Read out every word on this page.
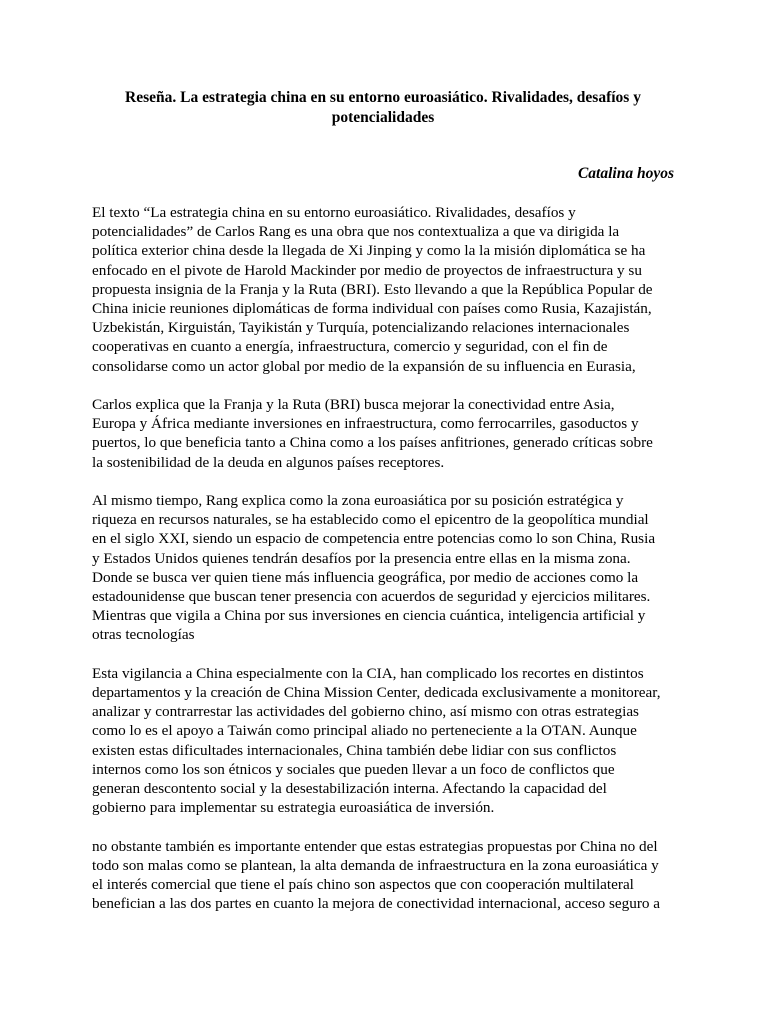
Reseña. La estrategia china en su entorno euroasiático. Rivalidades, desafíos y
potencialidades

Catalina hoyos

El texto “La estrategia china en su entorno euroasiático. Rivalidades, desafíos y
potencialidades” de Carlos Rang es una obra que nos contextualiza a que va dirigida la
política exterior china desde la llegada de Xi Jinping y como la la misión diplomática se ha
enfocado en el pivote de Harold Mackinder por medio de proyectos de infraestructura y su
propuesta insignia de la Franja y la Ruta (BRI). Esto llevando a que la República Popular de
China inicie reuniones diplomáticas de forma individual con países como Rusia, Kazajistán,
Uzbekistán, Kirguistán, Tayikistán y Turquía, potencializando relaciones internacionales
cooperativas en cuanto a energía, infraestructura, comercio y seguridad, con el fin de
consolidarse como un actor global por medio de la expansión de su influencia en Eurasia,

Carlos explica que la Franja y la Ruta (BRI) busca mejorar la conectividad entre Asia,
Europa y África mediante inversiones en infraestructura, como ferrocarriles, gasoductos y
puertos, lo que beneficia tanto a China como a los países anfitriones, generado críticas sobre
la sostenibilidad de la deuda en algunos países receptores.

Al mismo tiempo, Rang explica como la zona euroasiática por su posición estratégica y
riqueza en recursos naturales, se ha establecido como el epicentro de la geopolítica mundial
en el siglo XXI, siendo un espacio de competencia entre potencias como lo son China, Rusia
y Estados Unidos quienes tendrán desafíos por la presencia entre ellas en la misma zona.
Donde se busca ver quien tiene más influencia geográfica, por medio de acciones como la
estadounidense que buscan tener presencia con acuerdos de seguridad y ejercicios militares.
Mientras que vigila a China por sus inversiones en ciencia cuántica, inteligencia artificial y
otras tecnologías

Esta vigilancia a China especialmente con la CIA, han complicado los recortes en distintos
departamentos y la creación de China Mission Center, dedicada exclusivamente a monitorear,
analizar y contrarrestar las actividades del gobierno chino, así mismo con otras estrategias
como lo es el apoyo a Taiwán como principal aliado no perteneciente a la OTAN. Aunque
existen estas dificultades internacionales, China también debe lidiar con sus conflictos
internos como los son étnicos y sociales que pueden llevar a un foco de conflictos que
generan descontento social y la desestabilización interna. Afectando la capacidad del
gobierno para implementar su estrategia euroasiática de inversión.

no obstante también es importante entender que estas estrategias propuestas por China no del
todo son malas como se plantean, la alta demanda de infraestructura en la zona euroasiática y
el interés comercial que tiene el país chino son aspectos que con cooperación multilateral
benefician a las dos partes en cuanto la mejora de conectividad internacional, acceso seguro a
